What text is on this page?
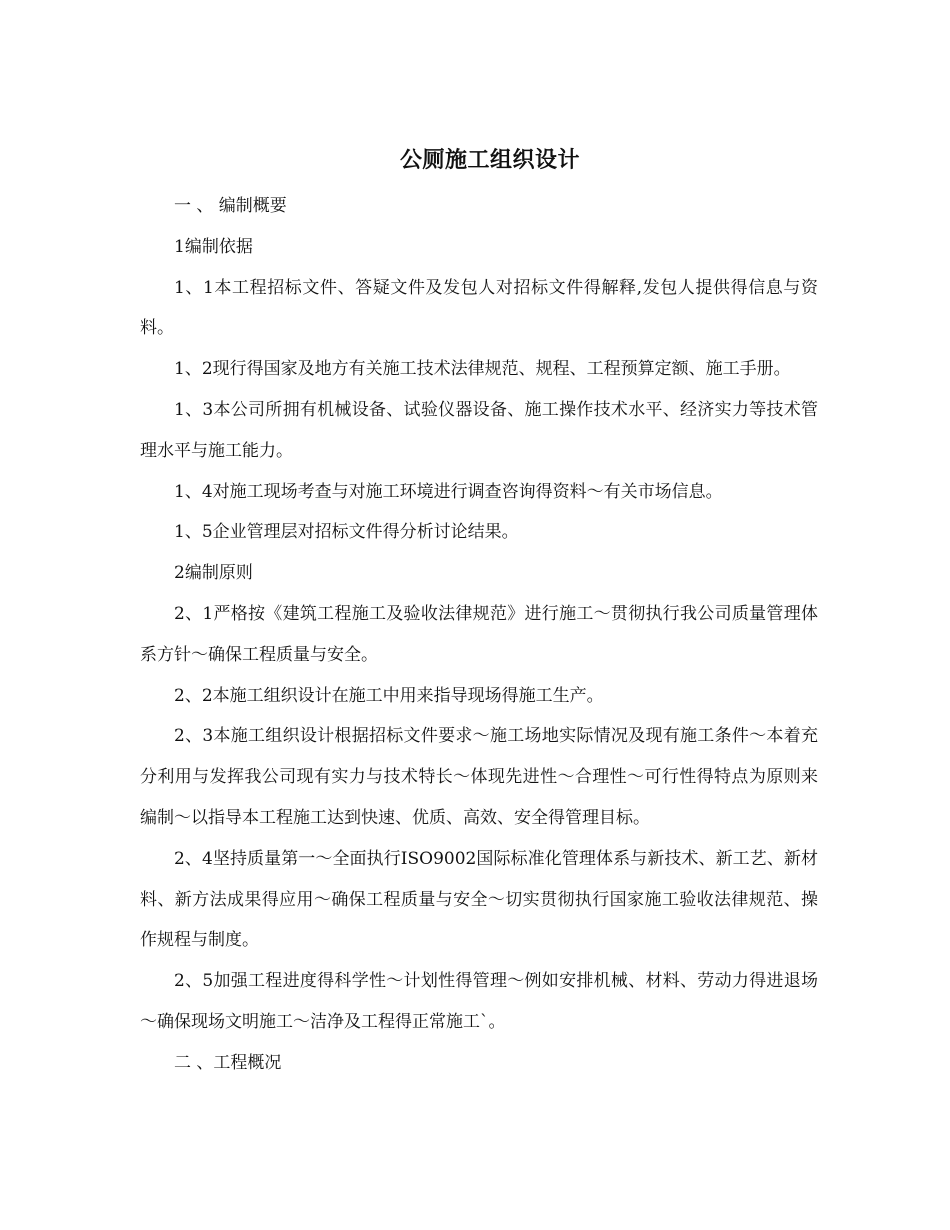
公厕施工组织设计

一 、 编制概要

1编制依据

1、1本工程招标文件、答疑文件及发包人对招标文件得解释,发包人提供得信息与资料。

1、2现行得国家及地方有关施工技术法律规范、规程、工程预算定额、施工手册。

1、3本公司所拥有机械设备、试验仪器设备、施工操作技术水平、经济实力等技术管理水平与施工能力。

1、4对施工现场考查与对施工环境进行调查咨询得资料～有关市场信息。

1、5企业管理层对招标文件得分析讨论结果。

2编制原则

2、1严格按《建筑工程施工及验收法律规范》进行施工～贯彻执行我公司质量管理体系方针～确保工程质量与安全。

2、2本施工组织设计在施工中用来指导现场得施工生产。

2、3本施工组织设计根据招标文件要求～施工场地实际情况及现有施工条件～本着充分利用与发挥我公司现有实力与技术特长～体现先进性～合理性～可行性得特点为原则来编制～以指导本工程施工达到快速、优质、高效、安全得管理目标。

2、4坚持质量第一～全面执行ISO9002国际标准化管理体系与新技术、新工艺、新材料、新方法成果得应用～确保工程质量与安全～切实贯彻执行国家施工验收法律规范、操作规程与制度。

2、5加强工程进度得科学性～计划性得管理～例如安排机械、材料、劳动力得进退场～确保现场文明施工～洁净及工程得正常施工`。

二 、工程概况
